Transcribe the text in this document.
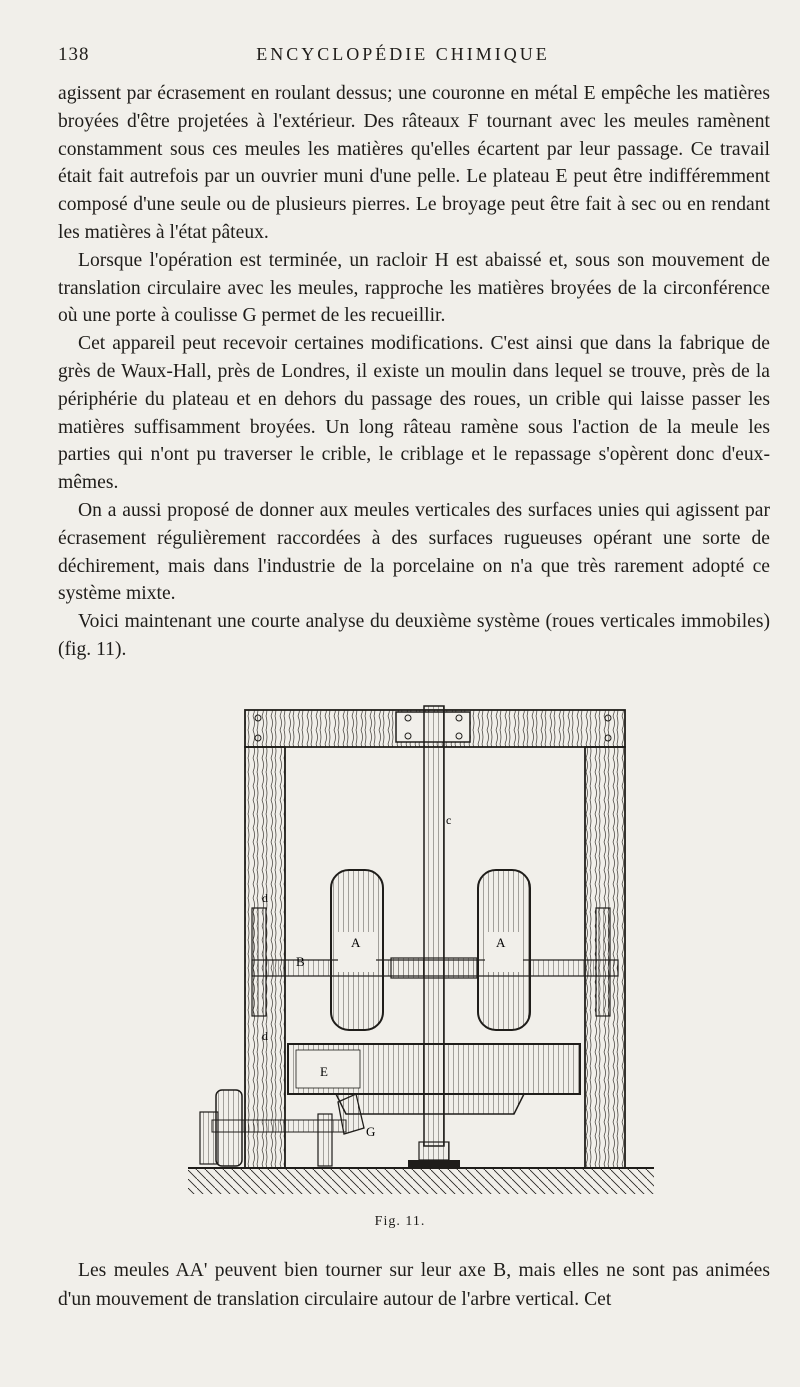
138	ENCYCLOPÉDIE CHIMIQUE

agissent par écrasement en roulant dessus; une couronne en métal E empêche les matières broyées d'être projetées à l'extérieur. Des râteaux F tournant avec les meules ramènent constamment sous ces meules les matières qu'elles écartent par leur passage. Ce travail était fait autrefois par un ouvrier muni d'une pelle. Le plateau E peut être indifféremment composé d'une seule ou de plusieurs pierres. Le broyage peut être fait à sec ou en rendant les matières à l'état pâteux.

Lorsque l'opération est terminée, un racloir H est abaissé et, sous son mouvement de translation circulaire avec les meules, rapproche les matières broyées de la circonférence où une porte à coulisse G permet de les recueillir.

Cet appareil peut recevoir certaines modifications. C'est ainsi que dans la fabrique de grès de Waux-Hall, près de Londres, il existe un moulin dans lequel se trouve, près de la périphérie du plateau et en dehors du passage des roues, un crible qui laisse passer les matières suffisamment broyées. Un long râteau ramène sous l'action de la meule les parties qui n'ont pu traverser le crible, le criblage et le repassage s'opèrent donc d'eux-mêmes.

On a aussi proposé de donner aux meules verticales des surfaces unies qui agissent par écrasement régulièrement raccordées à des surfaces rugueuses opérant une sorte de déchirement, mais dans l'industrie de la porcelaine on n'a que très rarement adopté ce système mixte.

Voici maintenant une courte analyse du deuxième système (roues verticales immobiles) (fig. 11).

c
A	A
B
d
d
E
G
Fig. 11.

Les meules AA' peuvent bien tourner sur leur axe B, mais elles ne sont pas animées d'un mouvement de translation circulaire autour de l'arbre vertical. Cet
